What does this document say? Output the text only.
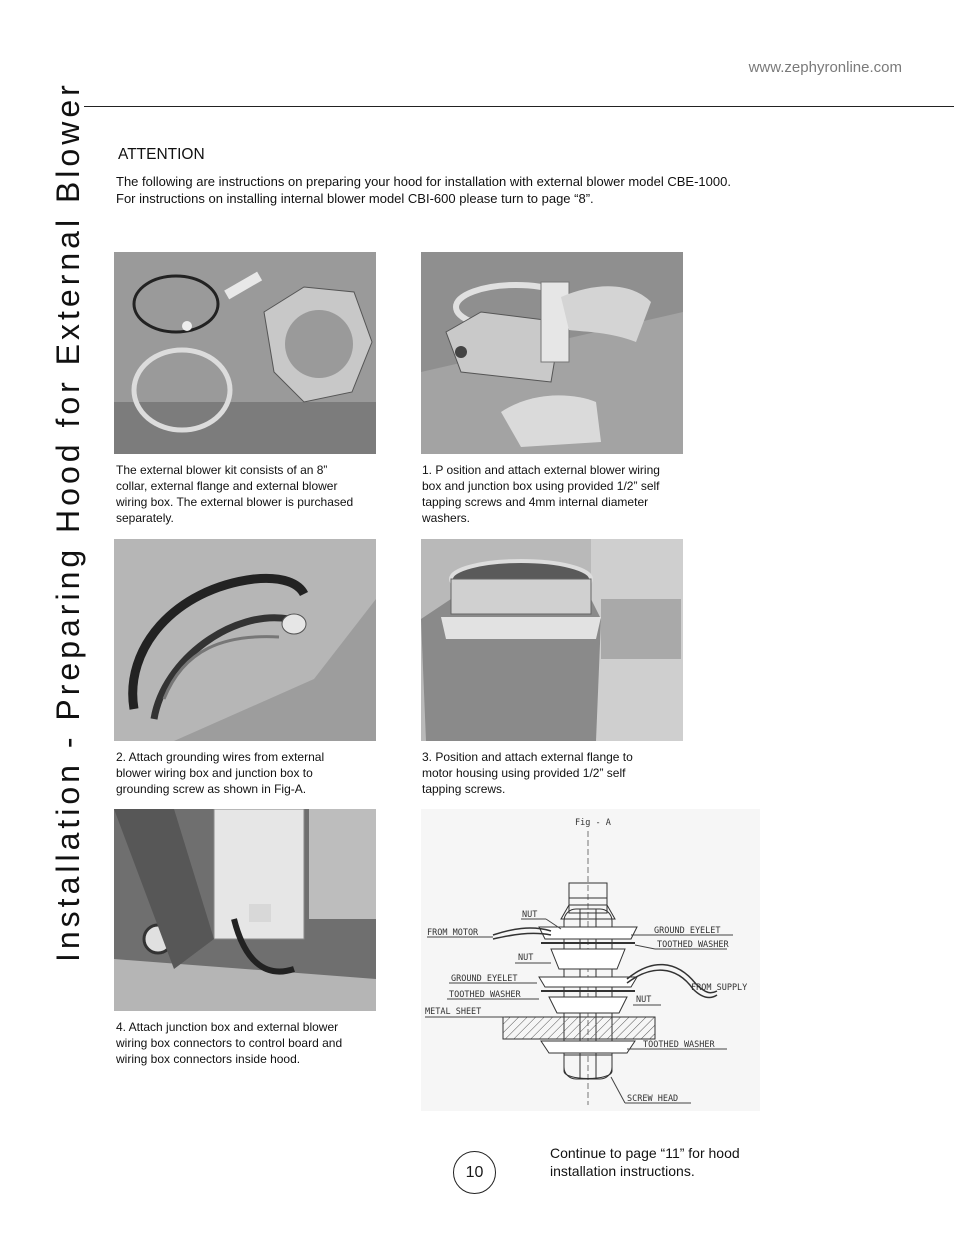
www.zephyronline.com
Installation - Preparing Hood for External Blower ATTENTION
The following are instructions on preparing your hood for installation with external blower model CBE-1000.
For instructions on installing internal blower model CBI-600 please turn to page “8”.
The external blower kit consists of an 8”
collar, external flange and external blower
wiring box. The external blower is purchased
separately.
1. P osition and attach external blower wiring
box and junction box using provided 1/2” self
tapping screws and 4mm internal diameter
washers.
2. Attach grounding wires from external
blower wiring box and junction box to
grounding screw as shown in Fig-A.
3. Position and attach external flange to
motor housing using provided 1/2” self
tapping screws.
4. Attach junction box and external blower
wiring box connectors to control board and
wiring box connectors inside hood.
Fig - A
FROM MOTOR
NUT
GROUND EYELET
TOOTHED WASHER
NUT
GROUND EYELET
TOOTHED WASHER
FROM SUPPLY
NUT
METAL SHEET
TOOTHED WASHER
SCREW HEAD
10
Continue to page “11” for hood
installation instructions.
